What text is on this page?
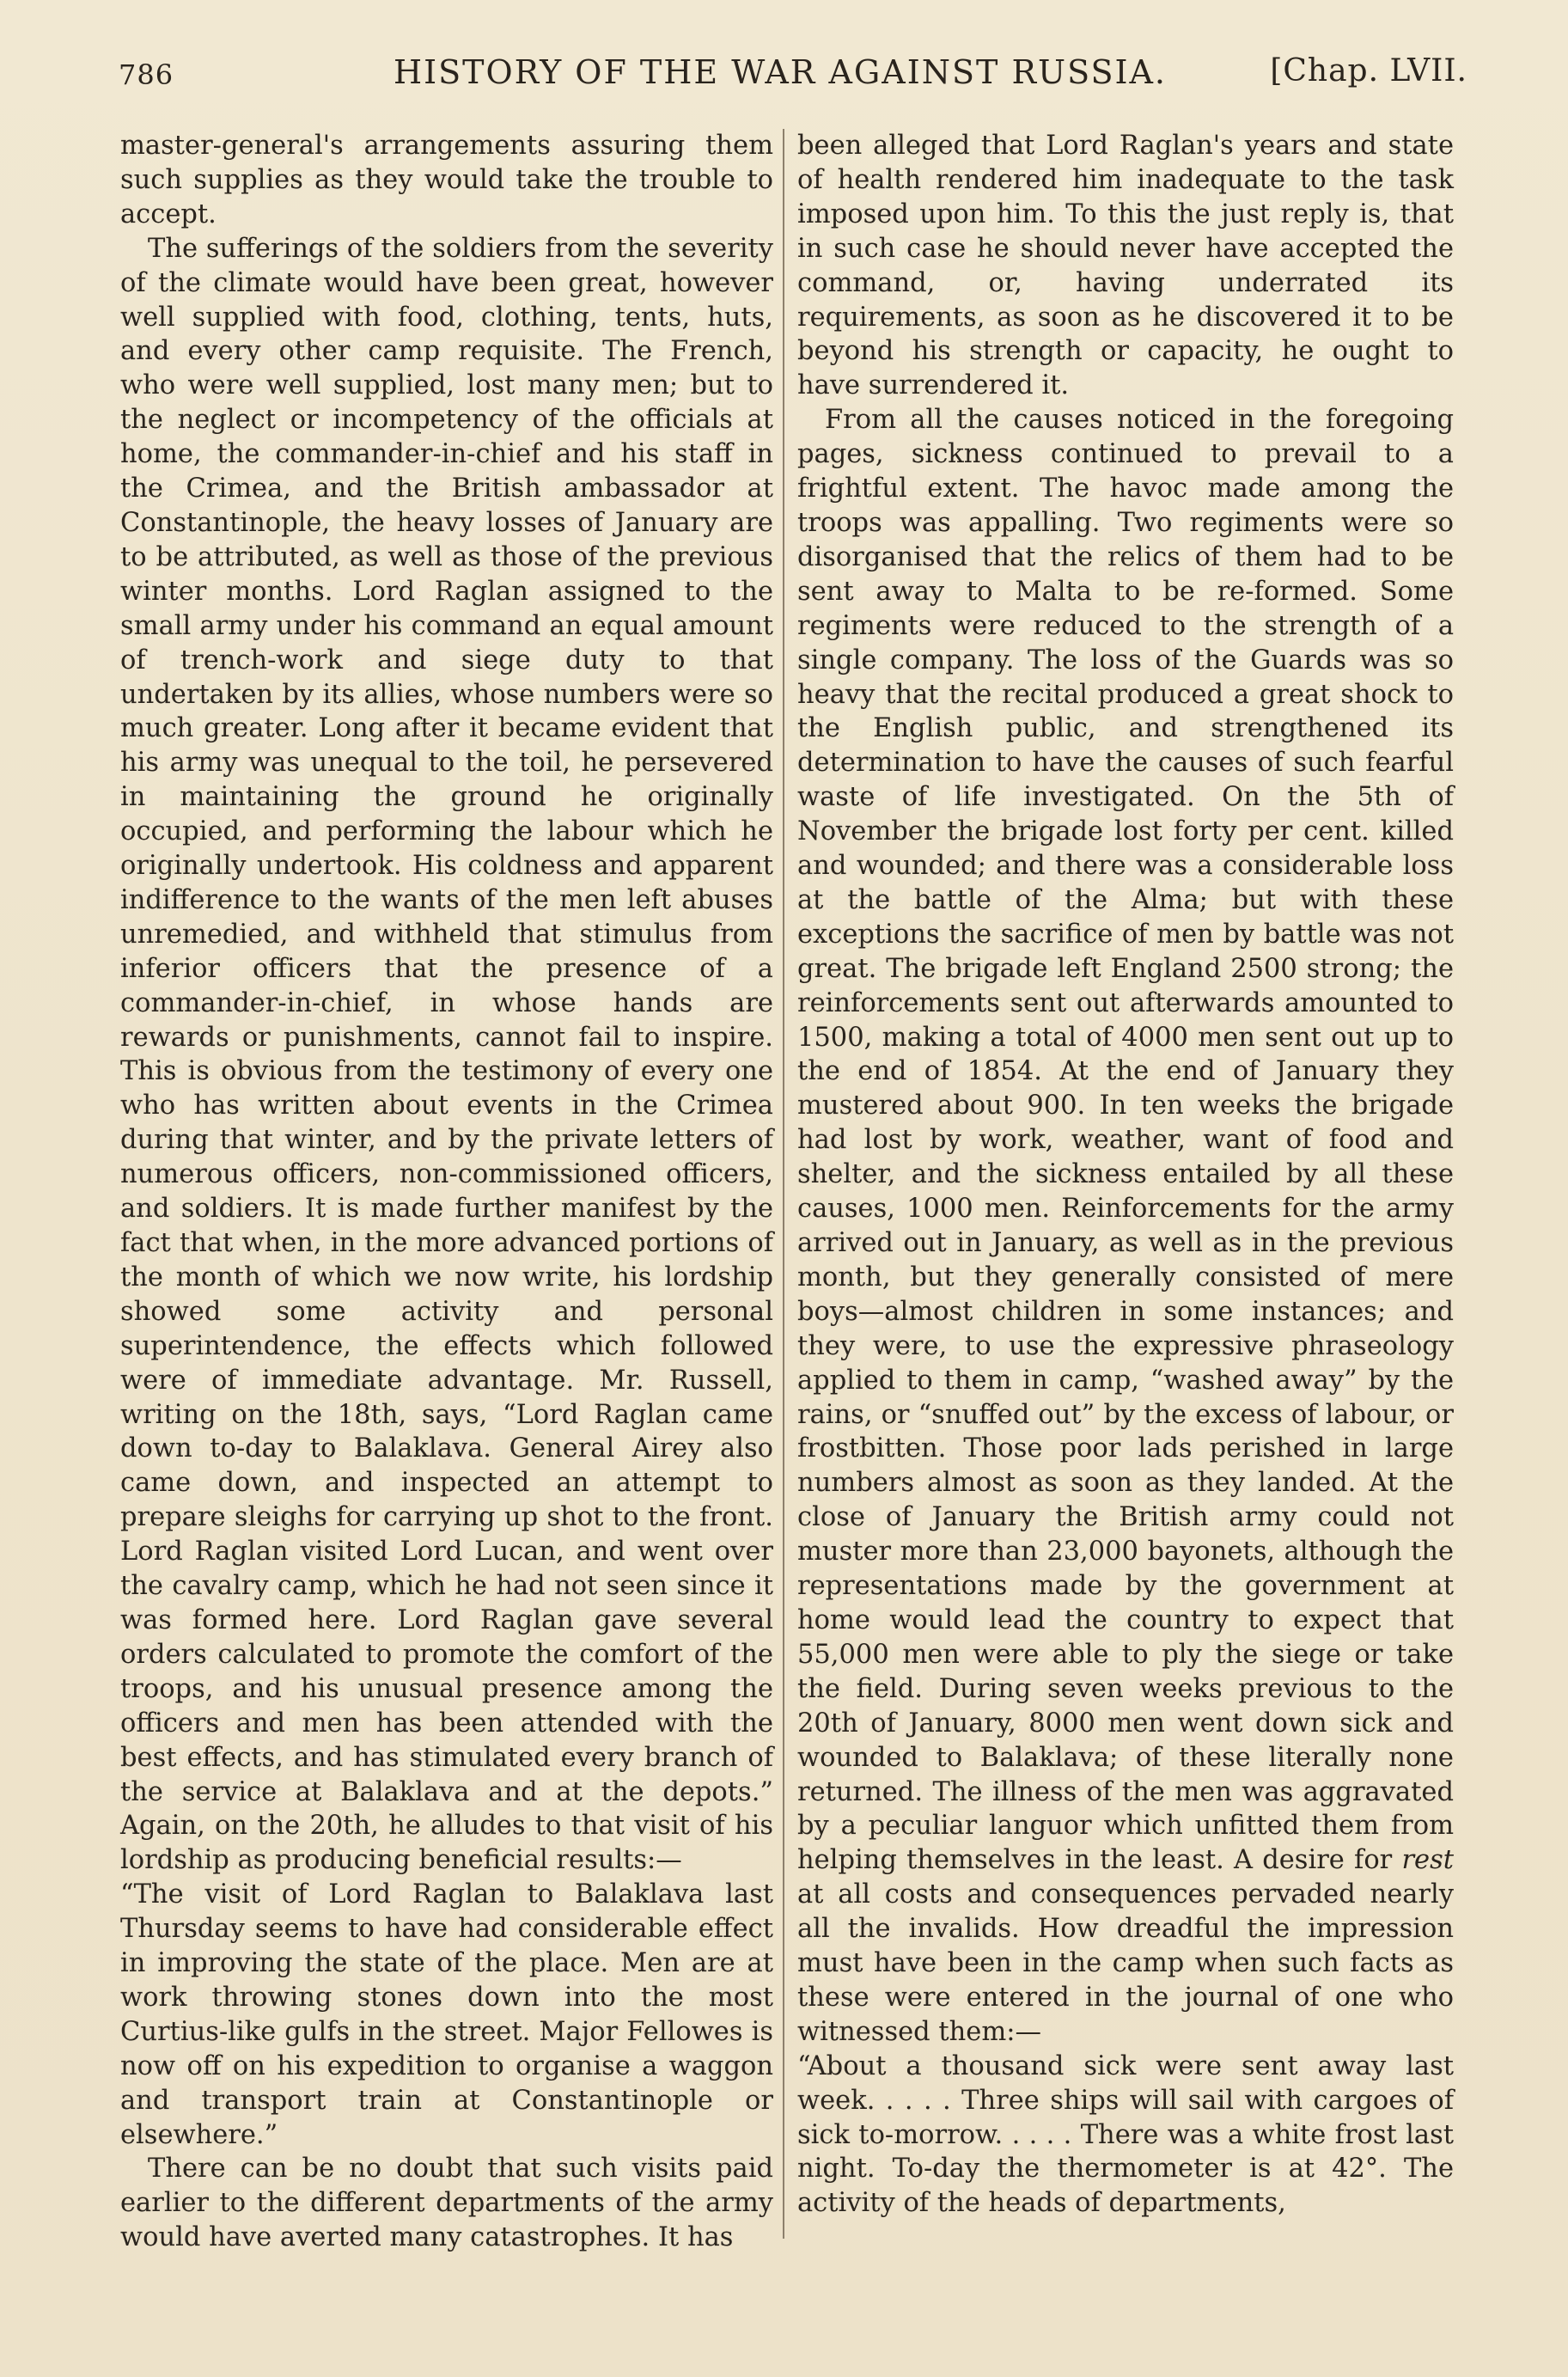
786	HISTORY OF THE WAR AGAINST RUSSIA.	[Chap. LVII.

master-general's arrangements assuring them such supplies as they would take the trouble to accept.

The sufferings of the soldiers from the severity of the climate would have been great, however well supplied with food, clothing, tents, huts, and every other camp requisite. The French, who were well supplied, lost many men; but to the neglect or incompetency of the officials at home, the commander-in-chief and his staff in the Crimea, and the British ambassador at Constantinople, the heavy losses of January are to be attributed, as well as those of the previous winter months. Lord Raglan assigned to the small army under his command an equal amount of trench-work and siege duty to that undertaken by its allies, whose numbers were so much greater. Long after it became evident that his army was unequal to the toil, he persevered in maintaining the ground he originally occupied, and performing the labour which he originally undertook. His coldness and apparent indifference to the wants of the men left abuses unremedied, and withheld that stimulus from inferior officers that the presence of a commander-in-chief, in whose hands are rewards or punishments, cannot fail to inspire. This is obvious from the testimony of every one who has written about events in the Crimea during that winter, and by the private letters of numerous officers, non-commissioned officers, and soldiers. It is made further manifest by the fact that when, in the more advanced portions of the month of which we now write, his lordship showed some activity and personal superintendence, the effects which followed were of immediate advantage. Mr. Russell, writing on the 18th, says, “Lord Raglan came down to-day to Balaklava. General Airey also came down, and inspected an attempt to prepare sleighs for carrying up shot to the front. Lord Raglan visited Lord Lucan, and went over the cavalry camp, which he had not seen since it was formed here. Lord Raglan gave several orders calculated to promote the comfort of the troops, and his unusual presence among the officers and men has been attended with the best effects, and has stimulated every branch of the service at Balaklava and at the depots.” Again, on the 20th, he alludes to that visit of his lordship as producing beneficial results:—

“The visit of Lord Raglan to Balaklava last Thursday seems to have had considerable effect in improving the state of the place. Men are at work throwing stones down into the most Curtius-like gulfs in the street. Major Fellowes is now off on his expedition to organise a waggon and transport train at Constantinople or elsewhere.”

There can be no doubt that such visits paid earlier to the different departments of the army would have averted many catastrophes. It has

been alleged that Lord Raglan's years and state of health rendered him inadequate to the task imposed upon him. To this the just reply is, that in such case he should never have accepted the command, or, having underrated its requirements, as soon as he discovered it to be beyond his strength or capacity, he ought to have surrendered it.

From all the causes noticed in the foregoing pages, sickness continued to prevail to a frightful extent. The havoc made among the troops was appalling. Two regiments were so disorganised that the relics of them had to be sent away to Malta to be re-formed. Some regiments were reduced to the strength of a single company. The loss of the Guards was so heavy that the recital produced a great shock to the English public, and strengthened its determination to have the causes of such fearful waste of life investigated. On the 5th of November the brigade lost forty per cent. killed and wounded; and there was a considerable loss at the battle of the Alma; but with these exceptions the sacrifice of men by battle was not great. The brigade left England 2500 strong; the reinforcements sent out afterwards amounted to 1500, making a total of 4000 men sent out up to the end of 1854. At the end of January they mustered about 900. In ten weeks the brigade had lost by work, weather, want of food and shelter, and the sickness entailed by all these causes, 1000 men. Reinforcements for the army arrived out in January, as well as in the previous month, but they generally consisted of mere boys—almost children in some instances; and they were, to use the expressive phraseology applied to them in camp, “washed away” by the rains, or “snuffed out” by the excess of labour, or frostbitten. Those poor lads perished in large numbers almost as soon as they landed. At the close of January the British army could not muster more than 23,000 bayonets, although the representations made by the government at home would lead the country to expect that 55,000 men were able to ply the siege or take the field. During seven weeks previous to the 20th of January, 8000 men went down sick and wounded to Balaklava; of these literally none returned. The illness of the men was aggravated by a peculiar languor which unfitted them from helping themselves in the least. A desire for rest at all costs and consequences pervaded nearly all the invalids. How dreadful the impression must have been in the camp when such facts as these were entered in the journal of one who witnessed them:—

“About a thousand sick were sent away last week. . . . . Three ships will sail with cargoes of sick to-morrow. . . . . There was a white frost last night. To-day the thermometer is at 42°. The activity of the heads of departments,
